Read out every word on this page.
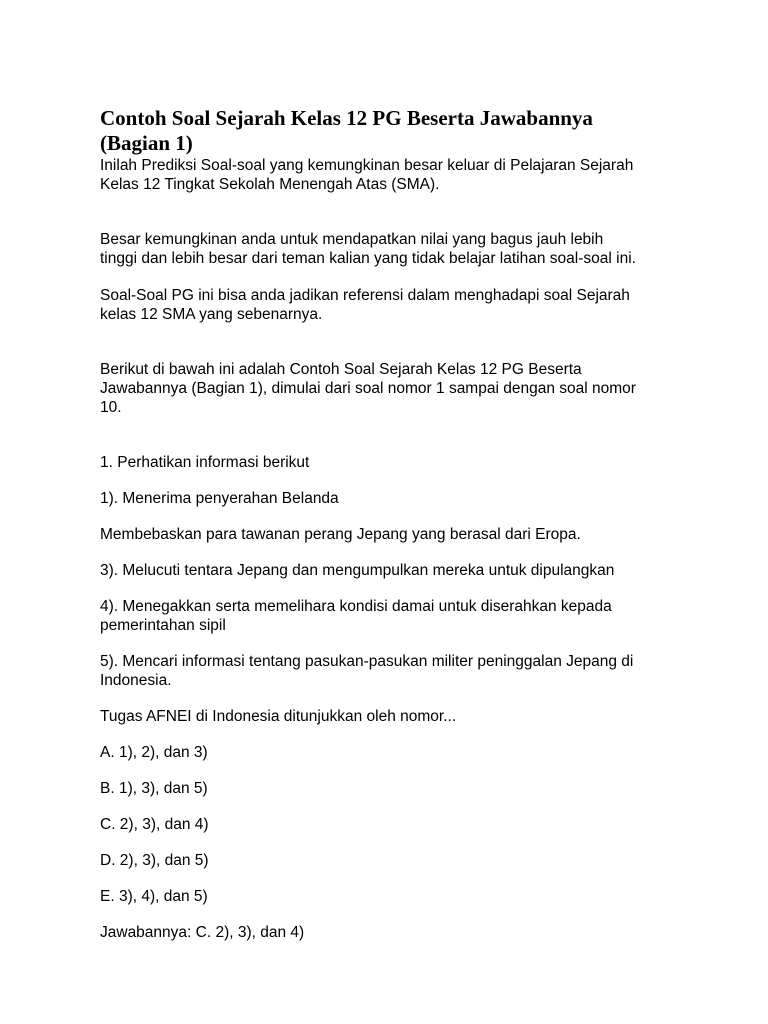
Contoh Soal Sejarah Kelas 12 PG Beserta Jawabannya
(Bagian 1)
Inilah Prediksi Soal-soal yang kemungkinan besar keluar di Pelajaran Sejarah
Kelas 12 Tingkat Sekolah Menengah Atas (SMA).
Besar kemungkinan anda untuk mendapatkan nilai yang bagus jauh lebih
tinggi dan lebih besar dari teman kalian yang tidak belajar latihan soal-soal ini.
Soal-Soal PG ini bisa anda jadikan referensi dalam menghadapi soal Sejarah
kelas 12 SMA yang sebenarnya.
Berikut di bawah ini adalah Contoh Soal Sejarah Kelas 12 PG Beserta
Jawabannya (Bagian 1), dimulai dari soal nomor 1 sampai dengan soal nomor
10.
1. Perhatikan informasi berikut
1). Menerima penyerahan Belanda
Membebaskan para tawanan perang Jepang yang berasal dari Eropa.
3). Melucuti tentara Jepang dan mengumpulkan mereka untuk dipulangkan
4). Menegakkan serta memelihara kondisi damai untuk diserahkan kepada
pemerintahan sipil
5). Mencari informasi tentang pasukan-pasukan militer peninggalan Jepang di
Indonesia.
Tugas AFNEI di Indonesia ditunjukkan oleh nomor...
A. 1), 2), dan 3)
B. 1), 3), dan 5)
C. 2), 3), dan 4)
D. 2), 3), dan 5)
E. 3), 4), dan 5)
Jawabannya: C. 2), 3), dan 4)
